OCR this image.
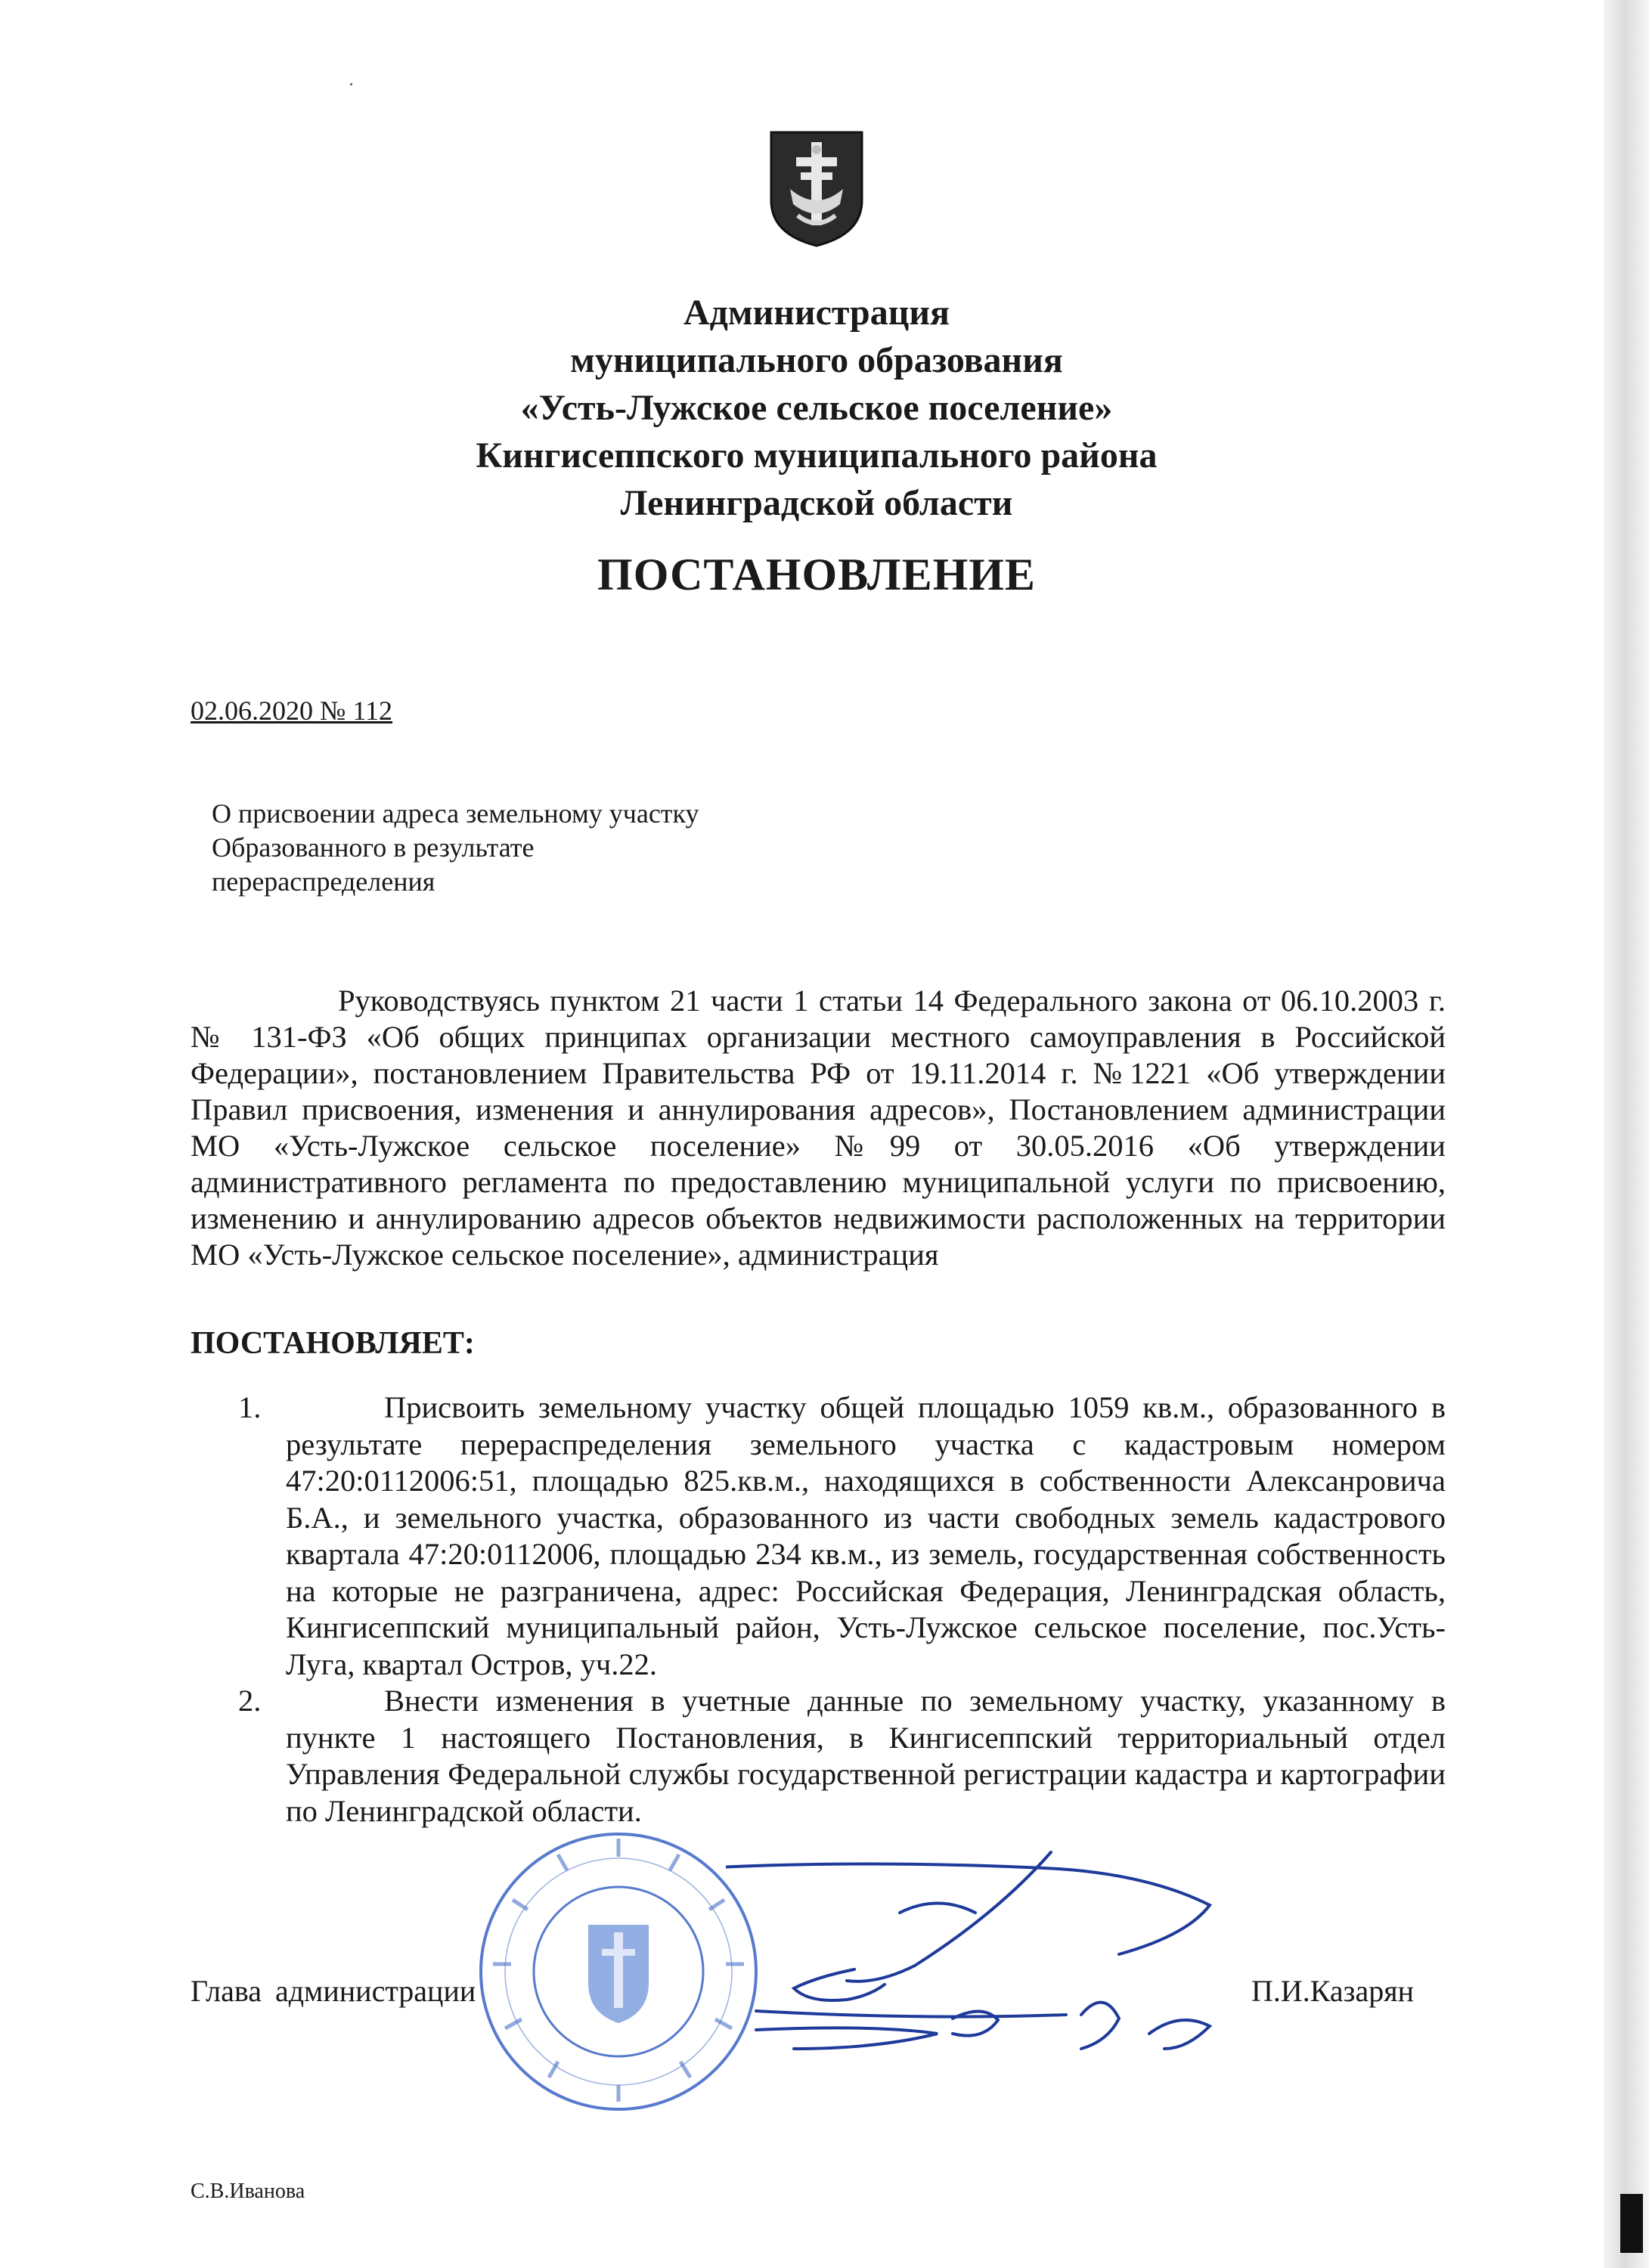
Администрация
муниципального образования
«Усть-Лужское сельское поселение»
Кингисеппского муниципального района
Ленинградской области
ПОСТАНОВЛЕНИЕ
02.06.2020 № 112
О присвоении адреса земельному участку
Образованного в результате
перераспределения
Руководствуясь пунктом 21 части 1 статьи 14 Федерального закона от 06.10.2003 г. № 131-ФЗ «Об общих принципах организации местного самоуправления в Российской Федерации», постановлением Правительства РФ от 19.11.2014 г. №1221 «Об утверждении Правил присвоения, изменения и аннулирования адресов», Постановлением администрации МО «Усть-Лужское сельское поселение» №99 от 30.05.2016 «Об утверждении административного регламента по предоставлению муниципальной услуги по присвоению, изменению и аннулированию адресов объектов недвижимости расположенных на территории МО «Усть-Лужское сельское поселение», администрация
ПОСТАНОВЛЯЕТ:
1.	Присвоить земельному участку общей площадью 1059 кв.м., образованного в результате перераспределения земельного участка с кадастровым номером 47:20:0112006:51, площадью 825.кв.м., находящихся в собственности Алексанровича Б.А., и земельного участка, образованного из части свободных земель кадастрового квартала 47:20:0112006, площадью 234 кв.м., из земель, государственная собственность на которые не разграничена, адрес: Российская Федерация, Ленинградская область, Кингисеппский муниципальный район, Усть-Лужское сельское поселение, пос.Усть-Луга, квартал Остров, уч.22.
2.	Внести изменения в учетные данные по земельному участку, указанному в пункте 1 настоящего Постановления, в Кингисеппский территориальный отдел Управления Федеральной службы государственной регистрации кадастра и картографии по Ленинградской области.
Глава администрации	П.И.Казарян
С.В.Иванова
